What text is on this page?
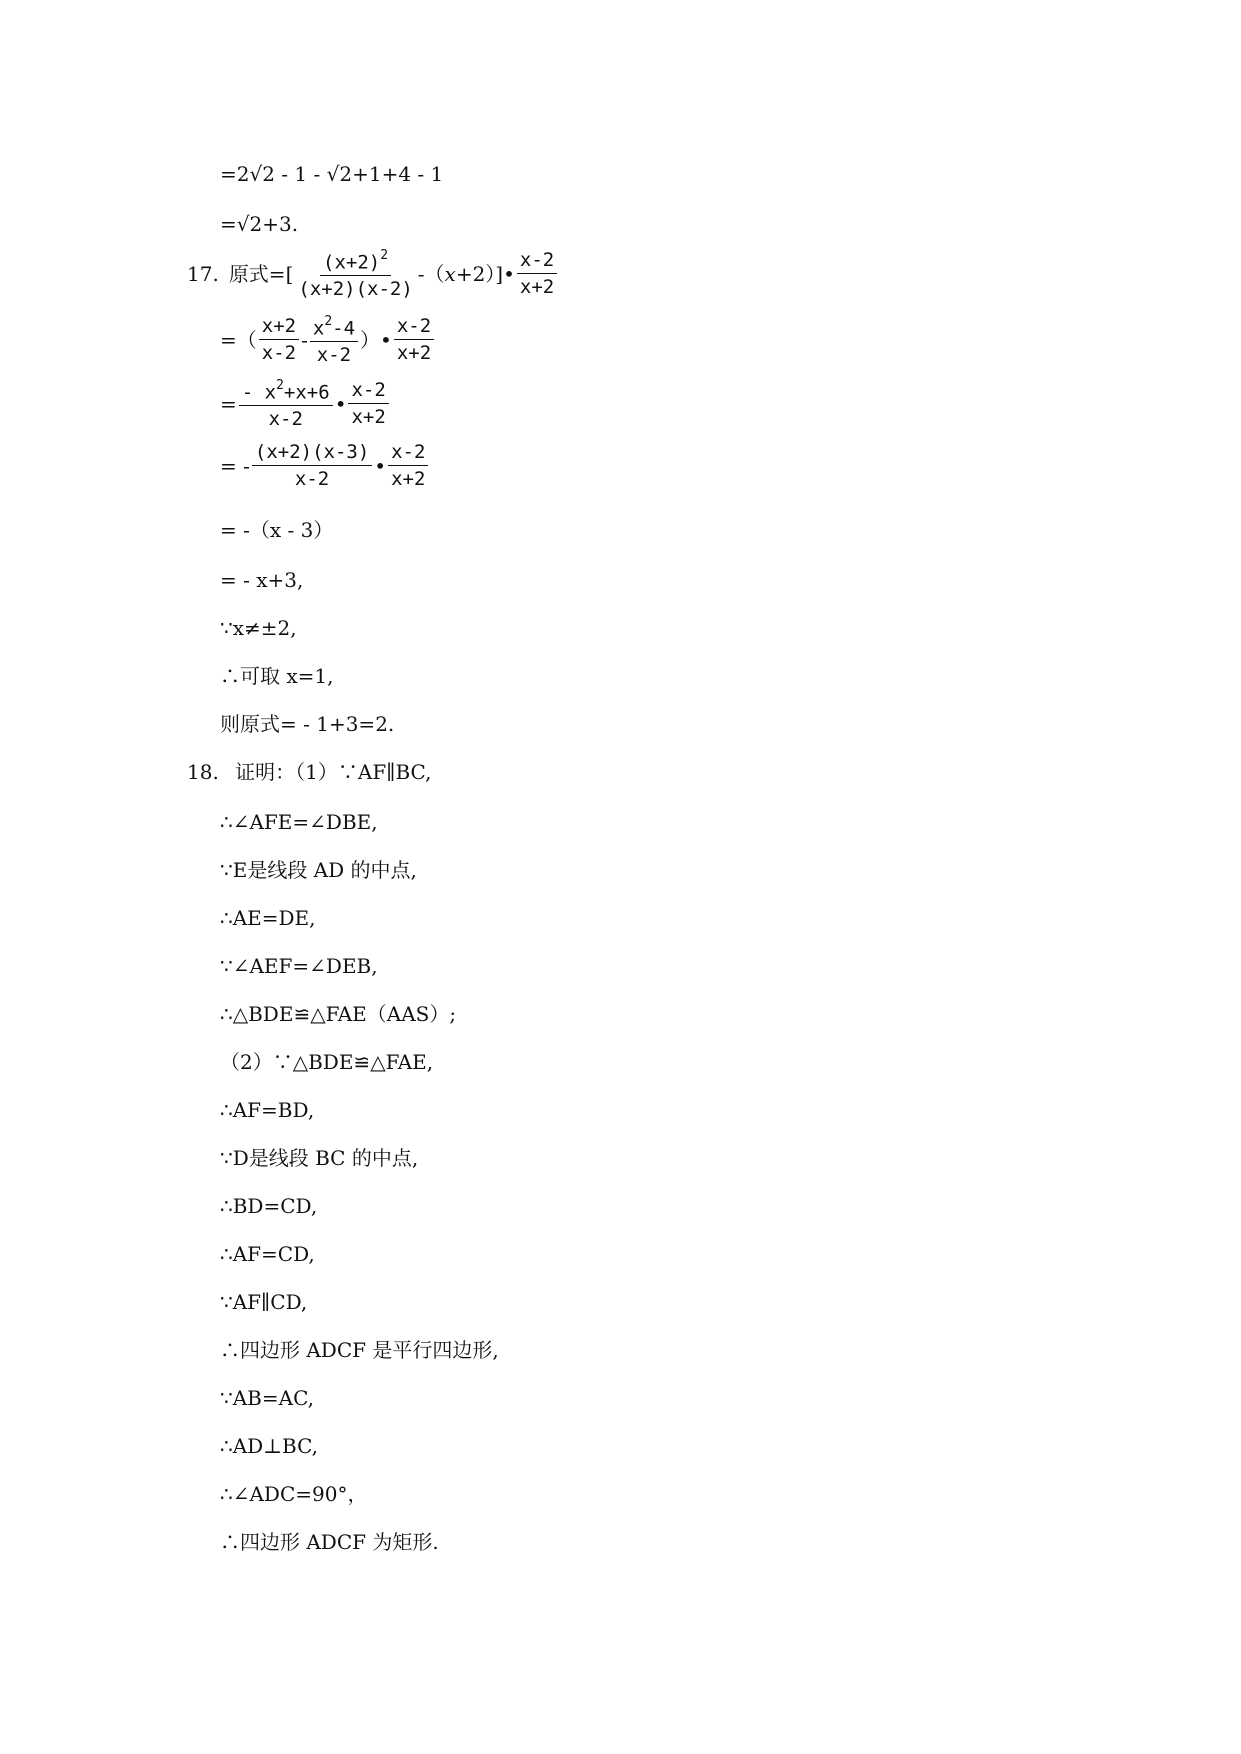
=2√2 - 1 - √2+1+4 - 1
=√2+3.
17. 原式=[ $\frac{(x+2)^2}{(x+2)(x-2)}$ -（ x +2）] • $\frac{x-2}{x+2}$
=（ $\frac{x+2}{x-2} - \frac{x^2-4}{x-2}$ ） • $\frac{x-2}{x+2}$
= $\frac{- x^2+x+6}{x-2}$ • $\frac{x-2}{x+2}$
= - $\frac{(x+2)(x-3)}{x-2}$ • $\frac{x-2}{x+2}$
= -（x - 3）
= - x+3,
∵x≠±2,
∴可取 x=1,
则原式= - 1+3=2.
18. 证明：（1）∵AF∥BC,
∴∠AFE=∠DBE,
∵E是线段 AD 的中点,
∴AE=DE,
∵∠AEF=∠DEB,
∴△BDE≌△FAE（AAS）;
（2）∵△BDE≌△FAE,
∴AF=BD,
∵D是线段 BC 的中点,
∴BD=CD,
∴AF=CD,
∵AF∥CD,
∴四边形 ADCF 是平行四边形,
∵AB=AC,
∴AD⊥BC,
∴∠ADC=90°，
∴四边形 ADCF 为矩形.
